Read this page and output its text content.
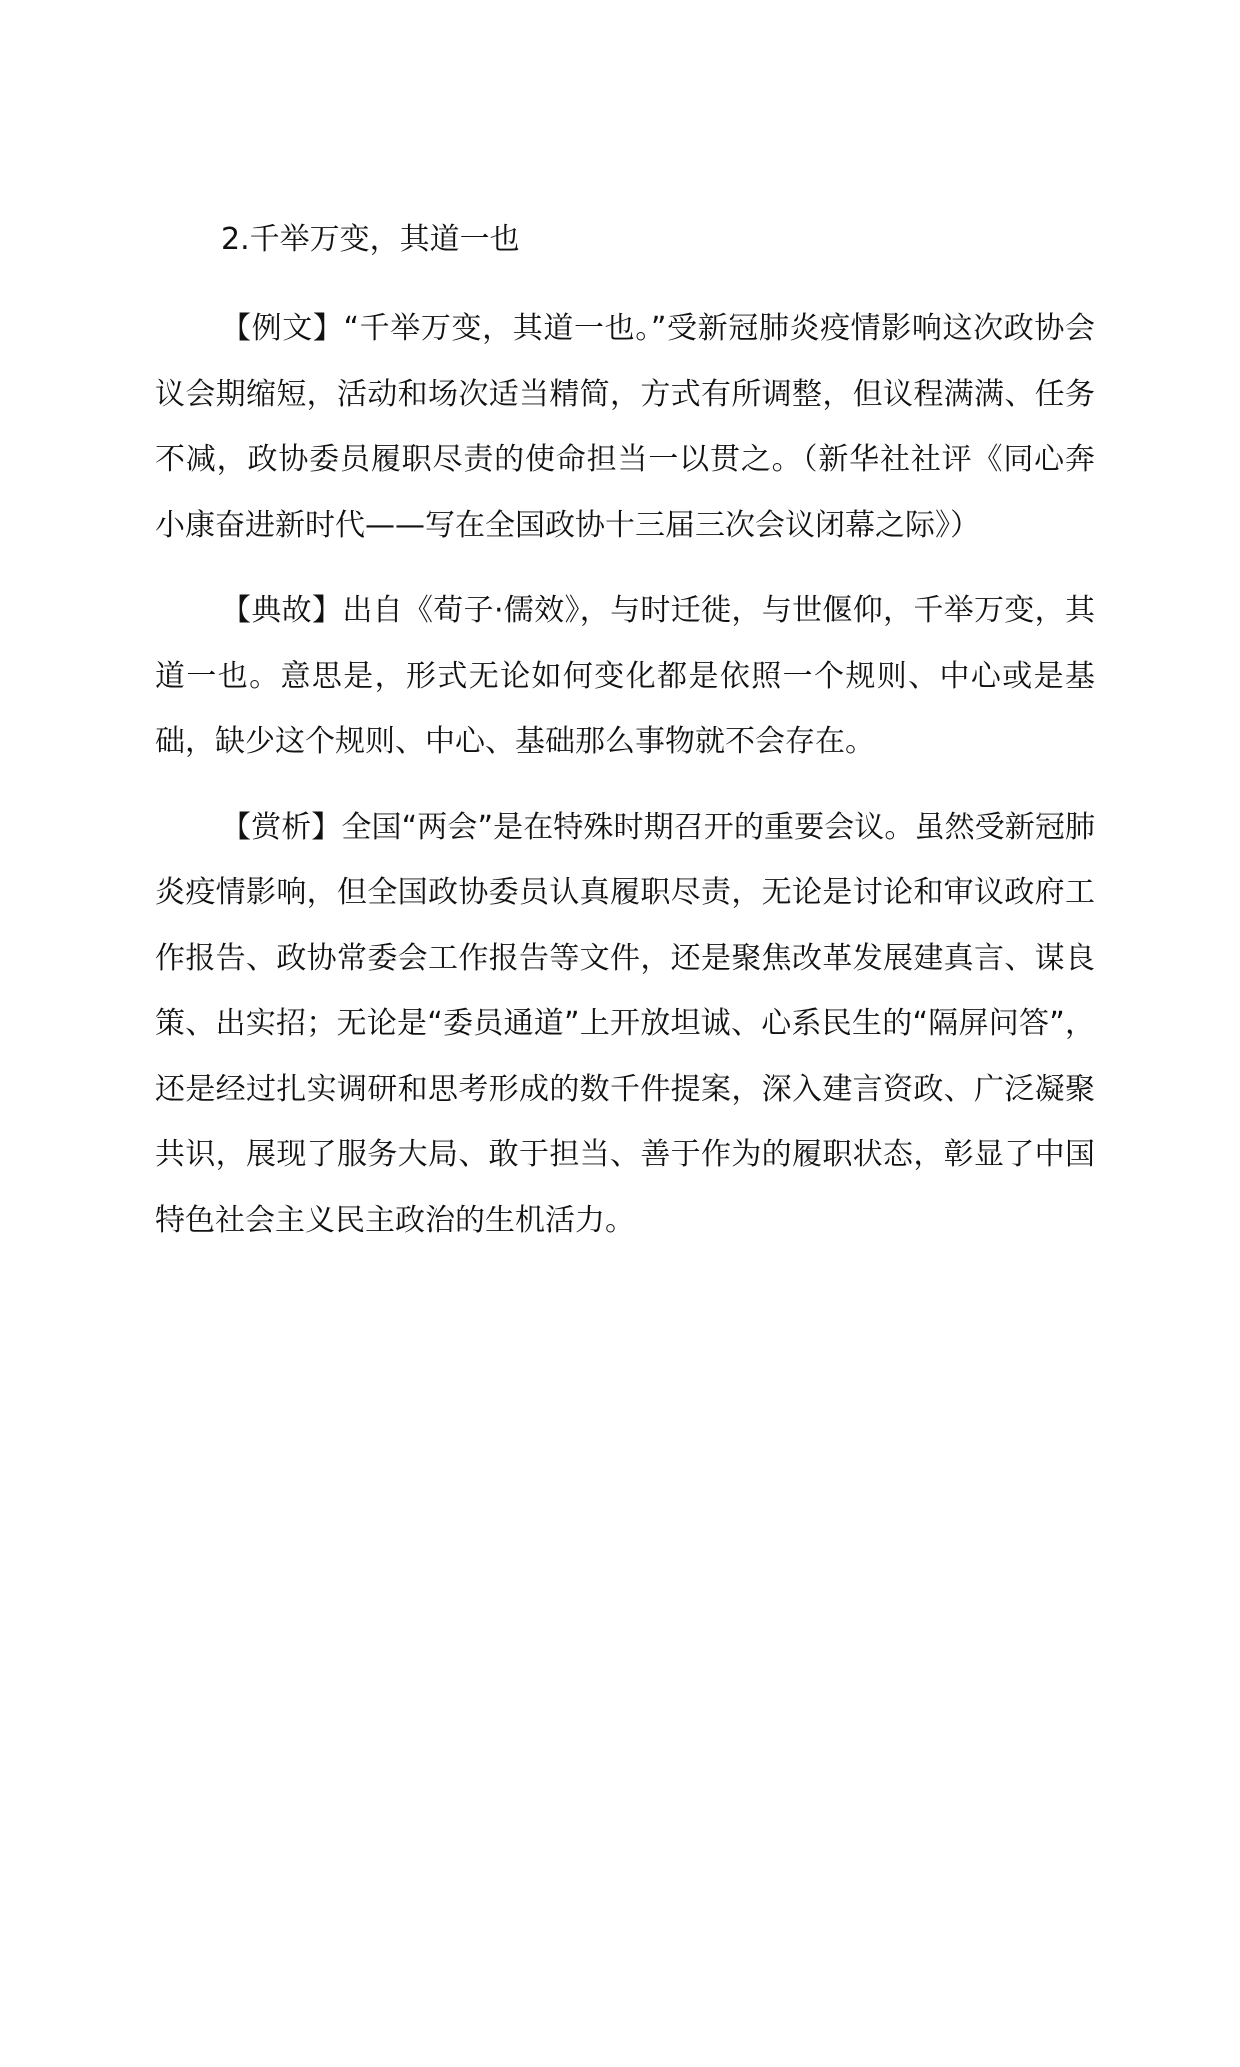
2.千举万变，其道一也

【例文】“千举万变，其道一也。”受新冠肺炎疫情影响这次政协会议会期缩短，活动和场次适当精简，方式有所调整，但议程满满、任务不减，政协委员履职尽责的使命担当一以贯之。（新华社社评《同心奔小康奋进新时代——写在全国政协十三届三次会议闭幕之际》）

【典故】出自《荀子·儒效》，与时迁徙，与世偃仰，千举万变，其道一也。意思是，形式无论如何变化都是依照一个规则、中心或是基础，缺少这个规则、中心、基础那么事物就不会存在。

【赏析】全国“两会”是在特殊时期召开的重要会议。虽然受新冠肺炎疫情影响，但全国政协委员认真履职尽责，无论是讨论和审议政府工作报告、政协常委会工作报告等文件，还是聚焦改革发展建真言、谋良策、出实招；无论是“委员通道”上开放坦诚、心系民生的“隔屏问答”，还是经过扎实调研和思考形成的数千件提案，深入建言资政、广泛凝聚共识，展现了服务大局、敢于担当、善于作为的履职状态，彰显了中国特色社会主义民主政治的生机活力。
